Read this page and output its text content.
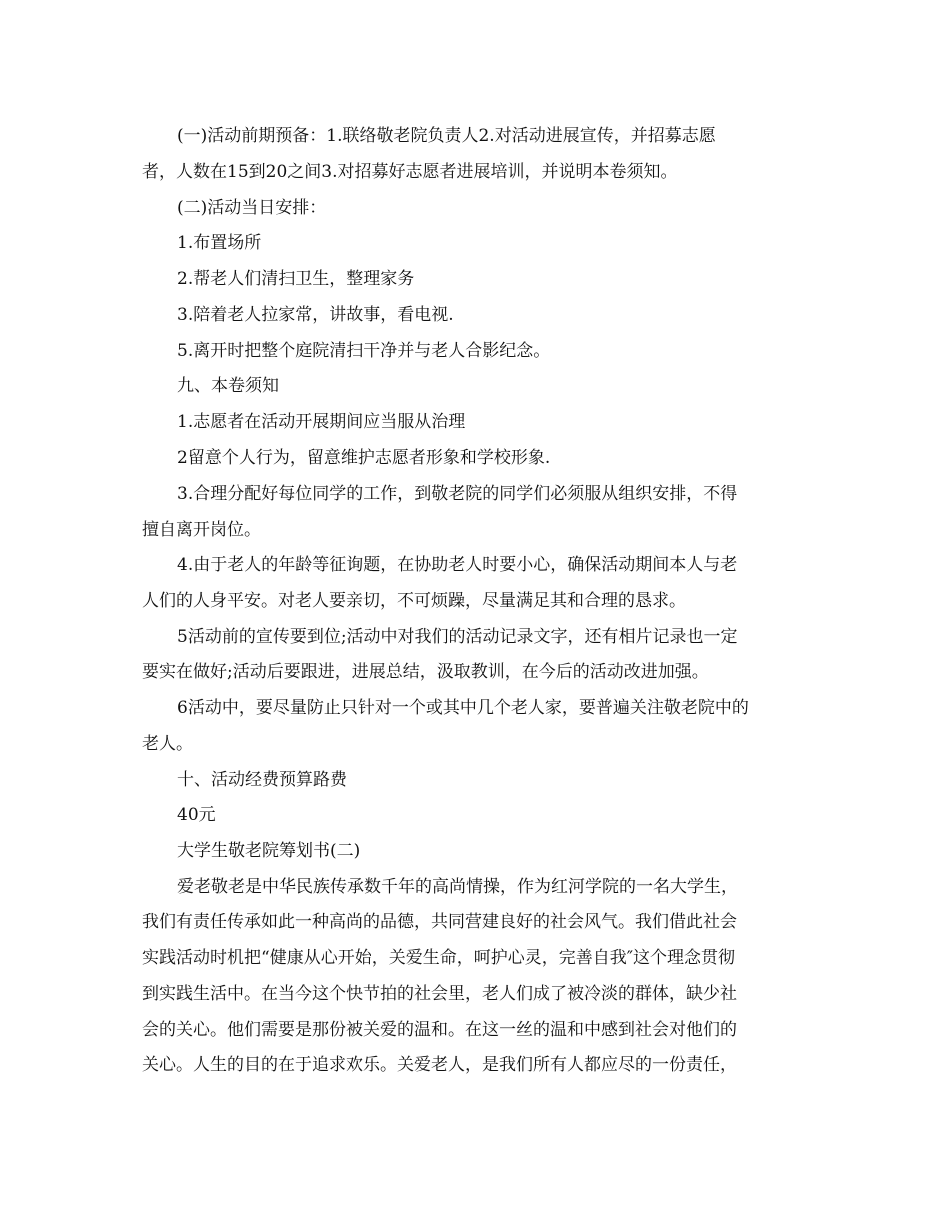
(一)活动前期预备：1.联络敬老院负责人2.对活动进展宣传，并招募志愿
者，人数在15到20之间3.对招募好志愿者进展培训，并说明本卷须知。
(二)活动当日安排：
1.布置场所
2.帮老人们清扫卫生，整理家务
3.陪着老人拉家常，讲故事，看电视.
5.离开时把整个庭院清扫干净并与老人合影纪念。
九、本卷须知
1.志愿者在活动开展期间应当服从治理
2留意个人行为，留意维护志愿者形象和学校形象.
3.合理分配好每位同学的工作，到敬老院的同学们必须服从组织安排，不得
擅自离开岗位。
4.由于老人的年龄等征询题，在协助老人时要小心，确保活动期间本人与老
人们的人身平安。对老人要亲切，不可烦躁，尽量满足其和合理的恳求。
5活动前的宣传要到位;活动中对我们的活动记录文字，还有相片记录也一定
要实在做好;活动后要跟进，进展总结，汲取教训，在今后的活动改进加强。
6活动中，要尽量防止只针对一个或其中几个老人家，要普遍关注敬老院中的
老人。
十、活动经费预算路费
40元
大学生敬老院筹划书(二)
爱老敬老是中华民族传承数千年的高尚情操，作为红河学院的一名大学生，
我们有责任传承如此一种高尚的品德，共同营建良好的社会风气。我们借此社会
实践活动时机把“健康从心开始，关爱生命，呵护心灵，完善自我″这个理念贯彻
到实践生活中。在当今这个快节拍的社会里，老人们成了被冷淡的群体，缺少社
会的关心。他们需要是那份被关爱的温和。在这一丝的温和中感到社会对他们的
关心。人生的目的在于追求欢乐。关爱老人，是我们所有人都应尽的一份责任，
